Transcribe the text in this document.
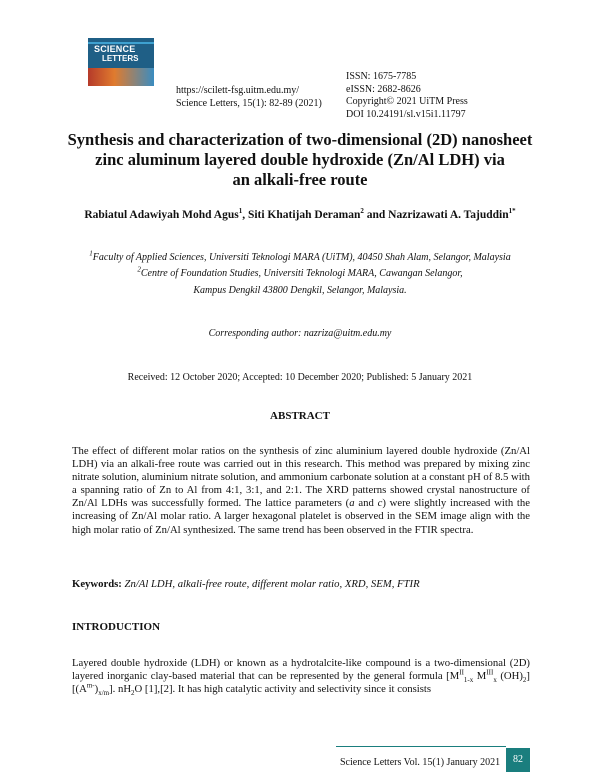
SCIENCE
LETTERS
https://scilett-fsg.uitm.edu.my/
Science Letters, 15(1): 82-89 (2021)
ISSN: 1675-7785
eISSN: 2682-8626
Copyright© 2021 UiTM Press
DOI 10.24191/sl.v15i1.11797
Synthesis and characterization of two-dimensional (2D) nanosheet
zinc aluminum layered double hydroxide (Zn/Al LDH) via
an alkali-free route
Rabiatul Adawiyah Mohd Agus$^1$, Siti Khatijah Deraman$^2$ and Nazrizawati A. Tajuddin$^{1*}$
$^1$Faculty of Applied Sciences, Universiti Teknologi MARA (UiTM), 40450 Shah Alam, Selangor, Malaysia
$^2$Centre of Foundation Studies, Universiti Teknologi MARA, Cawangan Selangor,
Kampus Dengkil 43800 Dengkil, Selangor, Malaysia.
Corresponding author: nazriza@uitm.edu.my
Received: 12 October 2020; Accepted: 10 December 2020; Published: 5 January 2021
ABSTRACT
The effect of different molar ratios on the synthesis of zinc aluminium layered double hydroxide (Zn/Al LDH) via an alkali-free route was carried out in this research. This method was prepared by mixing zinc nitrate solution, aluminium nitrate solution, and ammonium carbonate solution at a constant pH of 8.5 with a spanning ratio of Zn to Al from 4:1, 3:1, and 2:1. The XRD patterns showed crystal nanostructure of Zn/Al LDHs was successfully formed. The lattice parameters (a and c) were slightly increased with the increasing of Zn/Al molar ratio. A larger hexagonal platelet is observed in the SEM image align with the high molar ratio of Zn/Al synthesized. The same trend has been observed in the FTIR spectra.
Keywords: Zn/Al LDH, alkali-free route, different molar ratio, XRD, SEM, FTIR
INTRODUCTION
Layered double hydroxide (LDH) or known as a hydrotalcite-like compound is a two-dimensional (2D) layered inorganic clay-based material that can be represented by the general formula [$M^{II}_{1-x}$ $M^{III}_x$ $(OH)_2$] $[(A^{m-})_{x/m}]$. $nH_2O$ [1],[2]. It has high catalytic activity and selectivity since it consists
Science Letters Vol. 15(1) January 2021	82
